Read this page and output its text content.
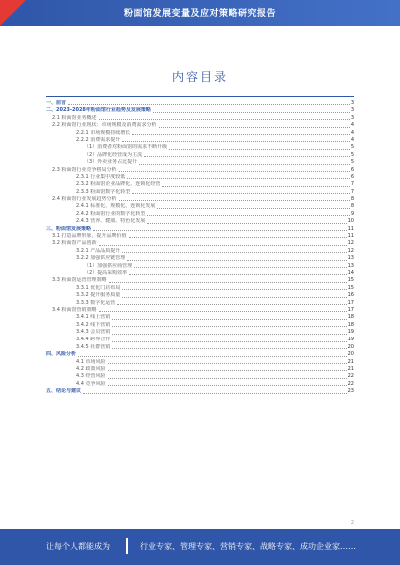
粉面馆发展变量及应对策略研究报告
内容目录
一、前言	3
二、2023-2028年粉面馆行业趋势及发展策略	3
2.1 粉面馆业务概述	3
2.2 粉面馆行业现状：市场规模及消费需求分析	4
2.2.1 市场规模持续增长	4
2.2.2 消费需求提升	4
（1）消费者对粉面馆的需求不断升级	5
（2）品牌化经营成为主流	5
（3）外卖业务占比提升	5
2.3 粉面馆行业竞争格局分析	6
2.3.1 行业集中度较低	6
2.3.2 粉面馆企业品牌化、连锁化经营	7
2.3.3 粉面馆数字化转型	7
2.4 粉面馆行业发展趋势分析	8
2.4.1 标准化、规模化、连锁化发展	8
2.4.2 粉面馆行业的数字化转型	9
2.4.3 营养、健康、特色化发展	10
三、粉面馆发展策略	11
3.1 打造品牌形象，提升品牌价值	11
3.2 粉面馆产品创新	12
3.2.1 产品品质提升	12
3.2.2 加强供应链管理	13
（1）加强供应商管理	13
（2）提高采购效率	14
3.3 粉面馆运营管理策略	15
3.3.1 优化门店布局	15
3.3.2 提升服务质量	16
3.3.3 数字化运营	17
3.4 粉面馆营销策略	17
3.4.1 线上营销	18
3.4.2 线下营销	18
3.4.3 会员营销	19
3.4.4 跨界合作	19
3.4.5 社群营销	20
四、风险分析	20
4.1 市场风险	21
4.2 政策风险	21
4.3 经营风险	22
4.4 竞争风险	22
五、结论与建议	23
2
让每个人都能成为	行业专家、管理专家、营销专家、战略专家、成功企业家……
